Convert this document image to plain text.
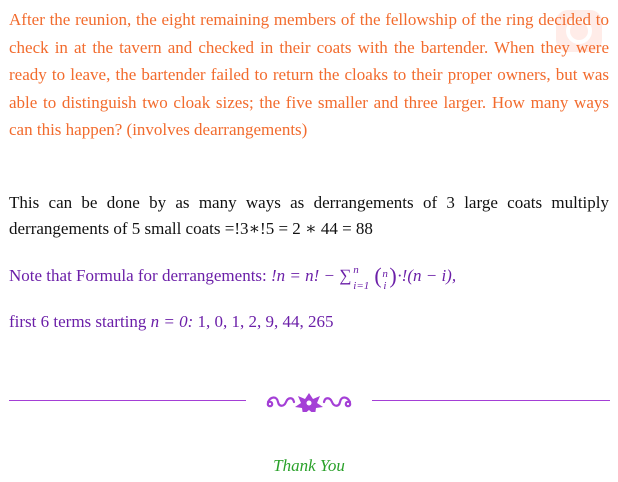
After the reunion, the eight remaining members of the fellowship of the ring decided to check in at the tavern and checked in their coats with the bartender. When they were ready to leave, the bartender failed to return the cloaks to their proper owners, but was able to distinguish two cloak sizes; the five smaller and three larger. How many ways can this happen? (involves dearrangements)

This can be done by as many ways as derrangements of 3 large coats multiply derrangements of 5 small coats =!3∗!5 = 2 ∗ 44 = 88

Note that Formula for derrangements: !n = n! − ∑ n
i=1 ( n
i ) ·!(n − i),

first 6 terms starting n = 0: 1, 0, 1, 2, 9, 44, 265

Thank You
